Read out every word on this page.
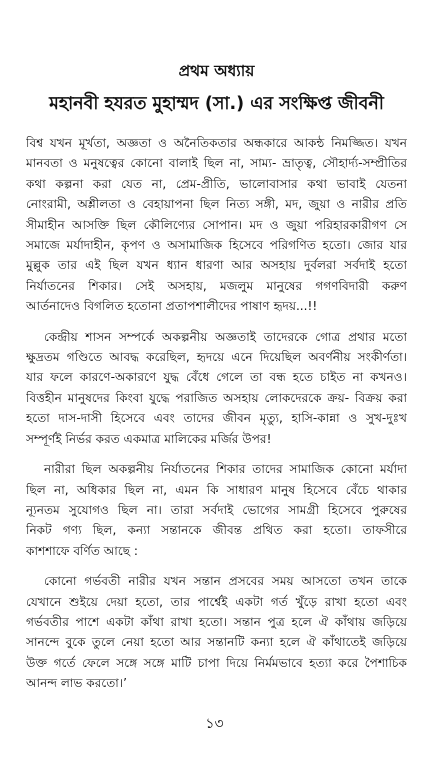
প্রথম অধ্যায়
মহানবী হযরত মুহাম্মদ (সা.) এর সংক্ষিপ্ত জীবনী
বিশ্ব যখন মূর্খতা, অজ্ঞতা ও অনৈতিকতার অন্ধকারে আকন্ঠ নিমজ্জিত। যখন
মানবতা ও মনুষত্বের কোনো বালাই ছিল না, সাম্য- ভ্রাতৃত্ব, সৌহার্দ্য-সম্প্রীতির
কথা কল্পনা করা যেত না, প্রেম-প্রীতি, ভালোবাসার কথা ভাবাই যেতনা
নোংরামী, অশ্লীলতা ও বেহায়াপনা ছিল নিত্য সঙ্গী, মদ, জুয়া ও নারীর প্রতি
সীমাহীন আসক্তি ছিল কৌলিণ্যের সোপান। মদ ও জুয়া পরিহারকারীগণ সে
সমাজে মর্যাদাহীন, কৃপণ ও অসামাজিক হিসেবে পরিগণিত হতো। জোর যার
মুল্লুক তার এই ছিল যখন ধ্যান ধারণা আর অসহায় দুর্বলরা সর্বদাই হতো
নির্যাতনের শিকার। সেই অসহায়, মজলুম মানুষের গগণবিদারী করুণ
আর্তনাদেও বিগলিত হতোনা প্রতাপশালীদের পাষাণ হৃদয়...!!
কেন্দ্রীয় শাসন সম্পর্কে অকল্পনীয় অজ্ঞতাই তাদেরকে গোত্র প্রথার মতো
ক্ষুদ্রতম গণ্ডিতে আবদ্ধ করেছিল, হৃদয়ে এনে দিয়েছিল অবর্ণনীয় সংকীর্ণতা।
যার ফলে কারণে-অকারণে যুদ্ধ বেঁধে গেলে তা বন্ধ হতে চাইত না কখনও।
বিত্তহীন মানুষদের কিংবা যুদ্ধে পরাজিত অসহায় লোকদেরকে ক্রয়- বিক্রয় করা
হতো দাস-দাসী হিসেবে এবং তাদের জীবন মৃত্যু, হাসি-কান্না ও সুখ-দুঃখ
সম্পূর্ণই নির্ভর করত একমাত্র মালিকের মর্জির উপর!
নারীরা ছিল অকল্পনীয় নির্যাতনের শিকার তাদের সামাজিক কোনো মর্যাদা
ছিল না, অধিকার ছিল না, এমন কি সাধারণ মানুষ হিসেবে বেঁচে থাকার
ন্যূনতম সুযোগও ছিল না। তারা সর্বদাই ভোগের সামগ্রী হিসেবে পুরুষের
নিকট গণ্য ছিল, কন্যা সন্তানকে জীবন্ত প্রথিত করা হতো। তাফসীরে
কাশশাফে বর্ণিত আছে :
কোনো গর্ভবতী নারীর যখন সন্তান প্রসবের সময় আসতো তখন তাকে
যেখানে শুইয়ে দেয়া হতো, তার পার্শ্বেই একটা গর্ত খুঁড়ে রাখা হতো এবং
গর্ভবতীর পাশে একটা কাঁথা রাখা হতো। সন্তান পুত্র হলে ঐ কাঁথায় জড়িয়ে
সানন্দে বুকে তুলে নেয়া হতো আর সন্তানটি কন্যা হলে ঐ কাঁথাতেই জড়িয়ে
উক্ত গর্তে ফেলে সঙ্গে সঙ্গে মাটি চাপা দিয়ে নির্মমভাবে হত্যা করে পৈশাচিক
আনন্দ লাভ করতো।’
১৩
